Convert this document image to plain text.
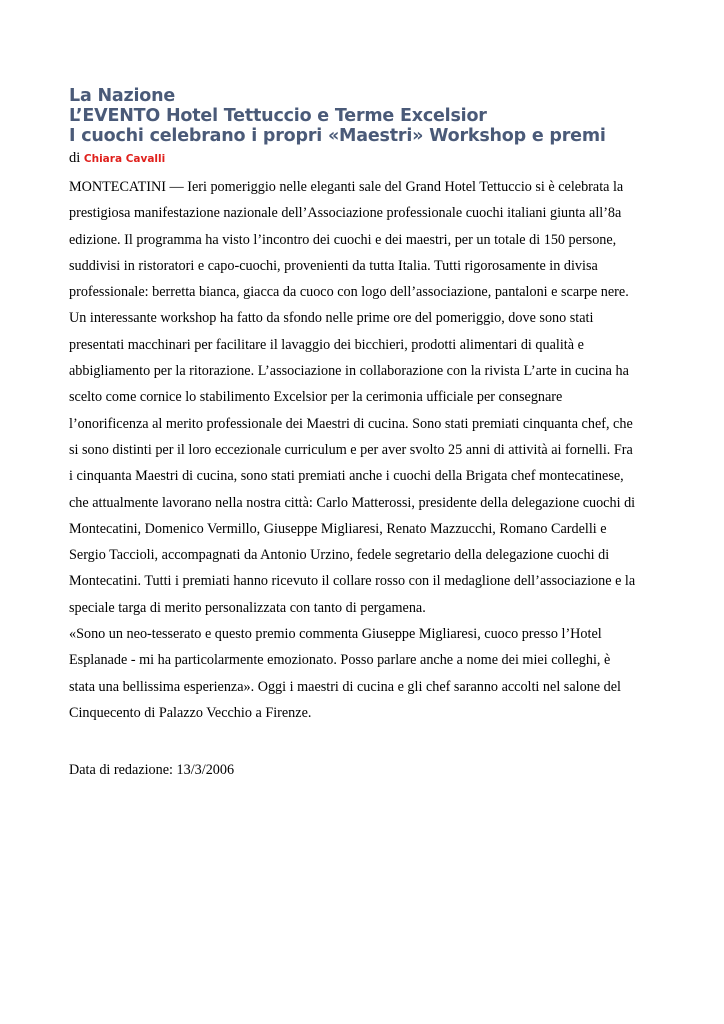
La Nazione
L’EVENTO Hotel Tettuccio e Terme Excelsior
I cuochi celebrano i propri «Maestri» Workshop e premi
di Chiara Cavalli
MONTECATINI — Ieri pomeriggio nelle eleganti sale del Grand Hotel Tettuccio si è celebrata la
prestigiosa manifestazione nazionale dell’Associazione professionale cuochi italiani giunta all’8a
edizione. Il programma ha visto l’incontro dei cuochi e dei maestri, per un totale di 150 persone,
suddivisi in ristoratori e capo-cuochi, provenienti da tutta Italia. Tutti rigorosamente in divisa
professionale: berretta bianca, giacca da cuoco con logo dell’associazione, pantaloni e scarpe nere.
Un interessante workshop ha fatto da sfondo nelle prime ore del pomeriggio, dove sono stati
presentati macchinari per facilitare il lavaggio dei bicchieri, prodotti alimentari di qualità e
abbigliamento per la ritorazione. L’associazione in collaborazione con la rivista L’arte in cucina ha
scelto come cornice lo stabilimento Excelsior per la cerimonia ufficiale per consegnare
l’onorificenza al merito professionale dei Maestri di cucina. Sono stati premiati cinquanta chef, che
si sono distinti per il loro eccezionale curriculum e per aver svolto 25 anni di attività ai fornelli. Fra
i cinquanta Maestri di cucina, sono stati premiati anche i cuochi della Brigata chef montecatinese,
che attualmente lavorano nella nostra città: Carlo Matterossi, presidente della delegazione cuochi di
Montecatini, Domenico Vermillo, Giuseppe Migliaresi, Renato Mazzucchi, Romano Cardelli e
Sergio Taccioli, accompagnati da Antonio Urzino, fedele segretario della delegazione cuochi di
Montecatini. Tutti i premiati hanno ricevuto il collare rosso con il medaglione dell’associazione e la
speciale targa di merito personalizzata con tanto di pergamena.
«Sono un neo-tesserato e questo premio commenta Giuseppe Migliaresi, cuoco presso l’Hotel
Esplanade - mi ha particolarmente emozionato. Posso parlare anche a nome dei miei colleghi, è
stata una bellissima esperienza». Oggi i maestri di cucina e gli chef saranno accolti nel salone del
Cinquecento di Palazzo Vecchio a Firenze.
Data di redazione: 13/3/2006
